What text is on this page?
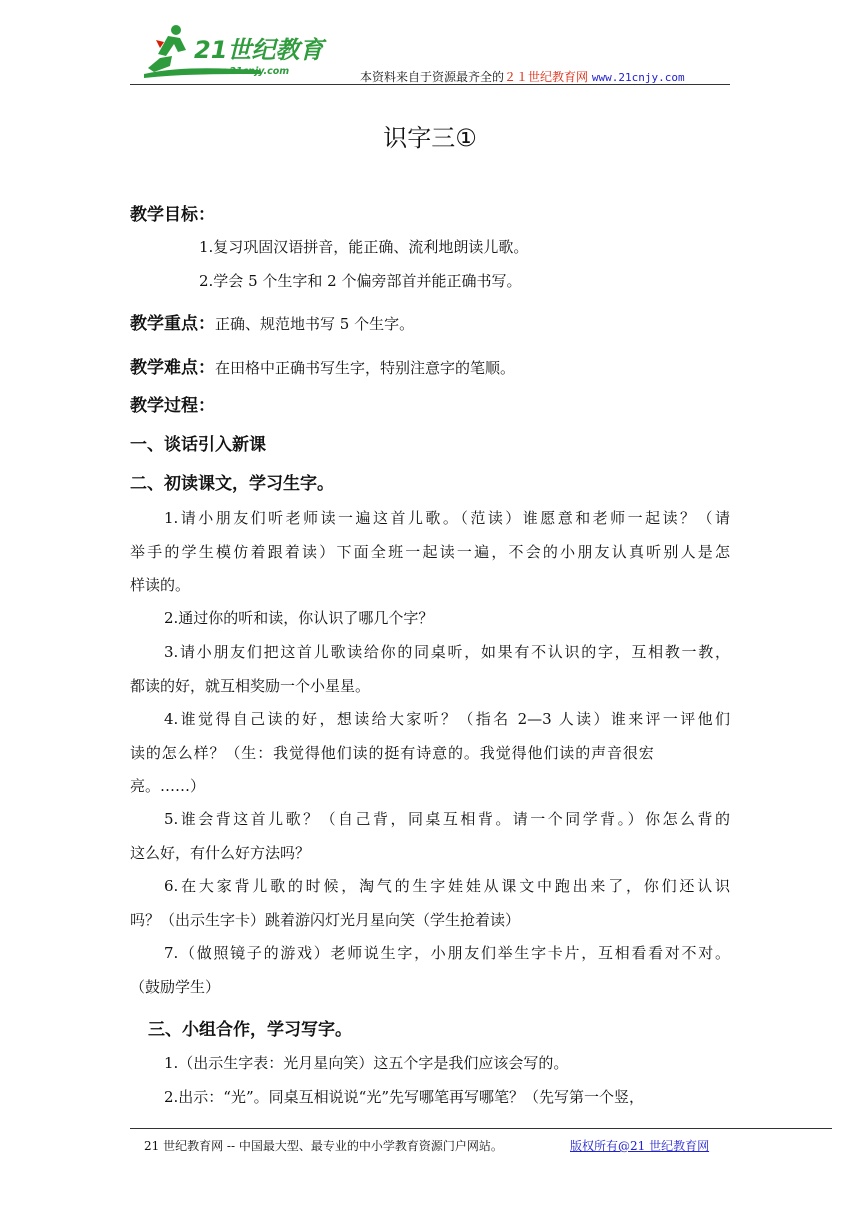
21世纪教育
www.21cnjy.com	本资料来自于资源最齐全的２１世纪教育网 www.21cnjy.com
识字三①
教学目标：
1.复习巩固汉语拼音，能正确、流利地朗读儿歌。
2.学会 5 个生字和 2 个偏旁部首并能正确书写。
教学重点：正确、规范地书写 5 个生字。
教学难点：在田格中正确书写生字，特别注意字的笔顺。
教学过程：
一、谈话引入新课
二、初读课文，学习生字。
1.请小朋友们听老师读一遍这首儿歌。（范读）谁愿意和老师一起读？（请
举手的学生模仿着跟着读）下面全班一起读一遍，不会的小朋友认真听别人是怎
样读的。
2.通过你的听和读，你认识了哪几个字？
3.请小朋友们把这首儿歌读给你的同桌听，如果有不认识的字，互相教一教，
都读的好，就互相奖励一个小星星。
4.谁觉得自己读的好，想读给大家听？（指名 2—3 人读）谁来评一评他们
读的怎么样？（生：我觉得他们读的挺有诗意的。我觉得他们读的声音很宏
亮。……）
5.谁会背这首儿歌？（自己背，同桌互相背。请一个同学背。）你怎么背的
这么好，有什么好方法吗？
6.在大家背儿歌的时候，淘气的生字娃娃从课文中跑出来了，你们还认识
吗？（出示生字卡）跳着游闪灯光月星向笑（学生抢着读）
7.（做照镜子的游戏）老师说生字，小朋友们举生字卡片，互相看看对不对。
（鼓励学生）
三、小组合作，学习写字。
1.（出示生字表：光月星向笑）这五个字是我们应该会写的。
2.出示：“光”。同桌互相说说“光”先写哪笔再写哪笔？（先写第一个竖，
21 世纪教育网 -- 中国最大型、最专业的中小学教育资源门户网站。	版权所有@21 世纪教育网
